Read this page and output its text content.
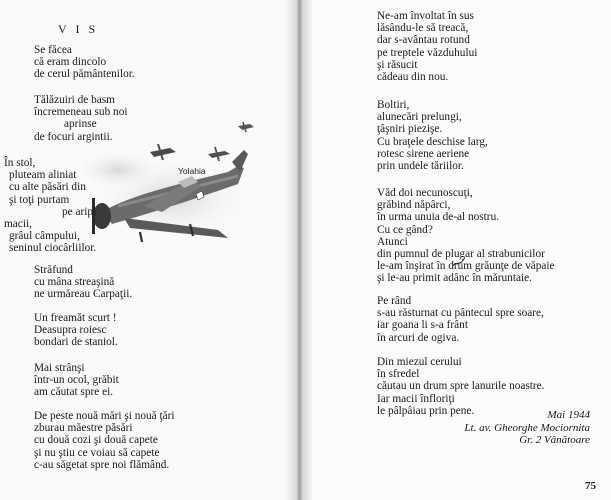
V I S
Se făcea
că eram dincolo
de cerul pământenilor.
Tălăzuiri de basm
încremeneau sub noi
aprinse
de focuri argintii.
Yolahia
În stol,
pluteam aliniat
cu alte păsări din
şi toţi purtam
pe aripi
macii,
grâul câmpului,
seninul ciocârliilor.
Străfund
cu mâna streaşină
ne urmăreau Carpaţii.
Un freamăt scurt !
Deasupra roiesc
bondari de staniol.
Mai strânşi
într-un ocol, grăbit
am căutat spre ei.
De peste nouă mări şi nouă ţări
zburau măestre păsări
cu două cozi şi două capete
şi nu ştiu ce voiau să capete
c-au săgetat spre noi flămând.
Ne-am învoltat în sus
lăsându-le să treacă,
dar s-avântau rotund
pe treptele văzduhului
şi răsucit
cădeau din nou.
Boltiri,
alunecări prelungi,
ţâşniri piezişe.
Cu braţele deschise larg,
rotesc sirene aeriene
prin undele tăriilor.
Văd doi necunoscuţi,
grăbind năpârci,
în urma unuia de-al nostru.
Cu ce gând?
Atunci
din pumnul de plugar al strabunicilor
le-am înşirat în drum grăunţe de văpaie
şi le-au primit adânc în mǎruntaie.
Pe rând
s-au răsturnat cu pântecul spre soare,
iar goana li s-a frânt
în arcuri de ogiva.
Din miezul cerului
în sfredel
căutau un drum spre lanurile noastre.
Iar macii înfloriţi
le pâlpâiau prin pene.	Mai 1944
Lt. av. Gheorghe Mociornita
Gr. 2 Vânătoare
75
